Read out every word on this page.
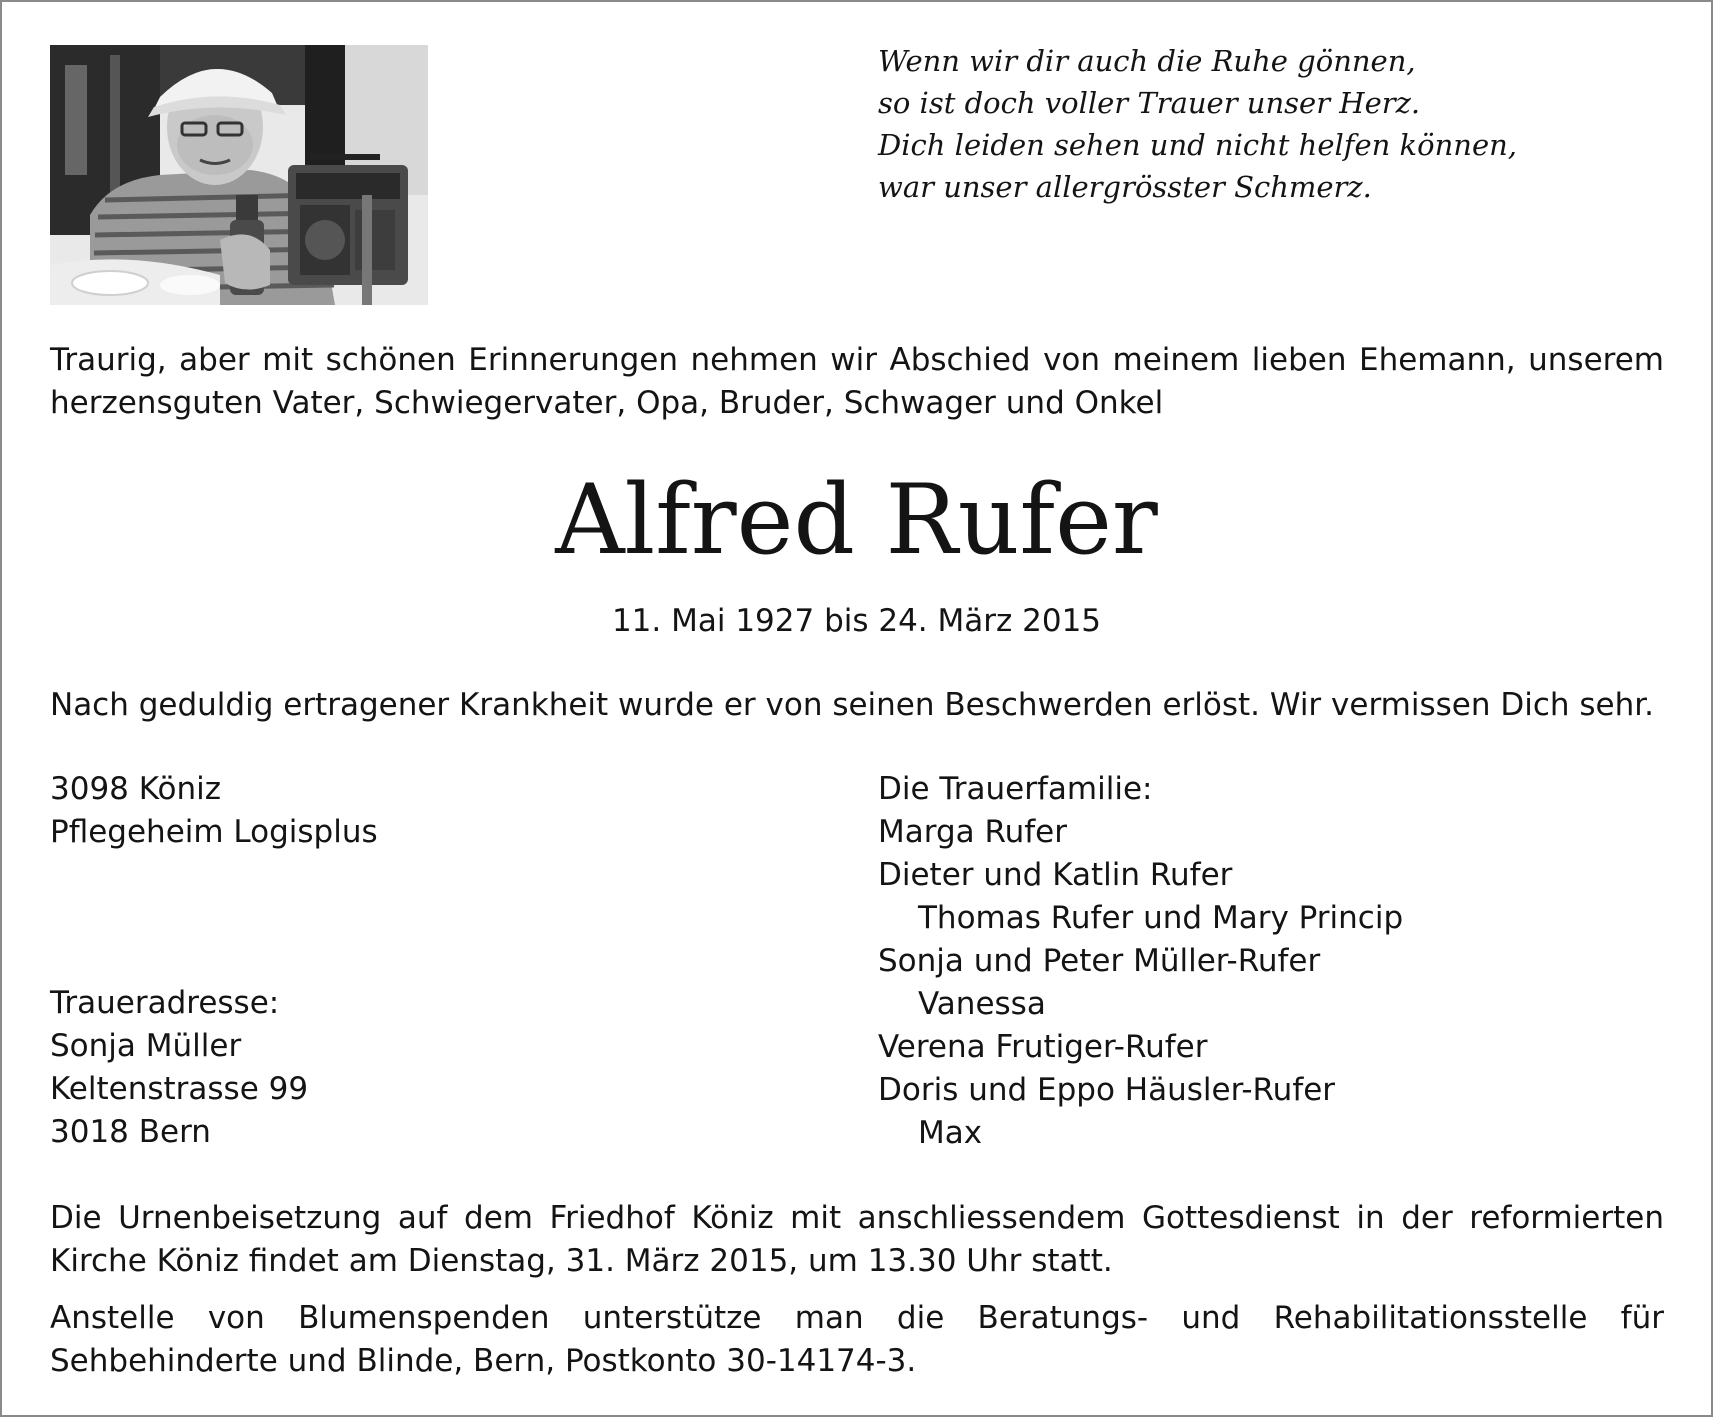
Wenn wir dir auch die Ruhe gönnen,
so ist doch voller Trauer unser Herz.
Dich leiden sehen und nicht helfen können,
war unser allergrösster Schmerz.

Traurig, aber mit schönen Erinnerungen nehmen wir Abschied von meinem lieben Ehemann, unserem herzensguten Vater, Schwiegervater, Opa, Bruder, Schwager und Onkel

Alfred Rufer

11. Mai 1927 bis 24. März 2015

Nach geduldig ertragener Krankheit wurde er von seinen Beschwerden erlöst. Wir vermissen Dich sehr.

3098 Köniz
Pflegeheim Logisplus
Traueradresse:
Sonja Müller
Keltenstrasse 99
3018 Bern
Die Trauerfamilie:
Marga Rufer
Dieter und Katlin Rufer
Thomas Rufer und Mary Princip
Sonja und Peter Müller-Rufer
Vanessa
Verena Frutiger-Rufer
Doris und Eppo Häusler-Rufer
Max

Die Urnenbeisetzung auf dem Friedhof Köniz mit anschliessendem Gottesdienst in der reformierten Kirche Köniz findet am Dienstag, 31. März 2015, um 13.30 Uhr statt.

Anstelle von Blumenspenden unterstütze man die Beratungs- und Rehabilitationsstelle für Sehbehinderte und Blinde, Bern, Postkonto 30-14174-3.
